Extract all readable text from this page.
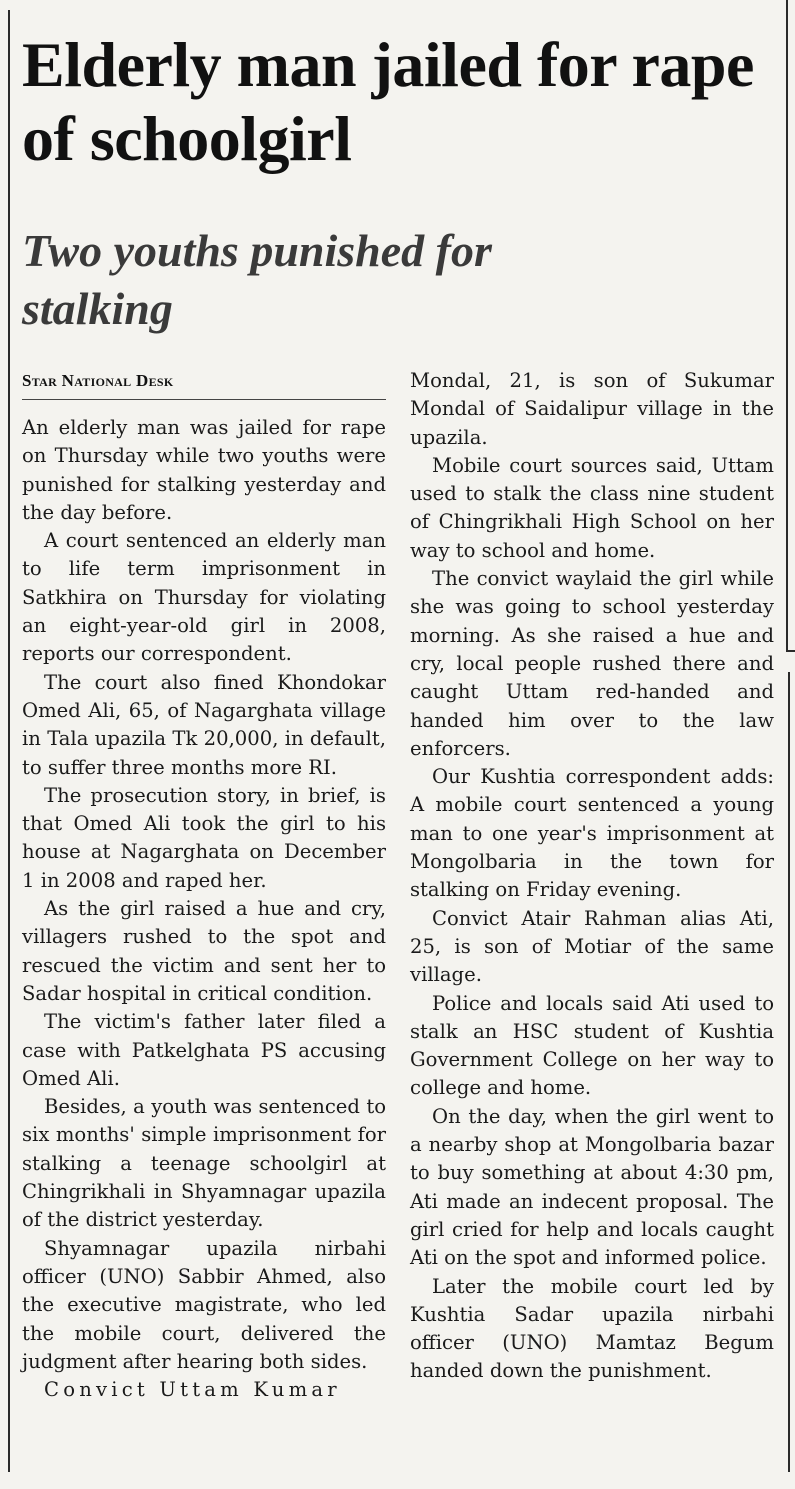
Elderly man jailed for rape of schoolgirl
Two youths punished for stalking
Star National Desk

An elderly man was jailed for rape on Thursday while two youths were punished for stalking yesterday and the day before.

A court sentenced an elderly man to life term imprisonment in Satkhira on Thursday for violating an eight-year-old girl in 2008, reports our correspondent.

The court also fined Khondokar Omed Ali, 65, of Nagarghata village in Tala upazila Tk 20,000, in default, to suffer three months more RI.

The prosecution story, in brief, is that Omed Ali took the girl to his house at Nagarghata on December 1 in 2008 and raped her.

As the girl raised a hue and cry, villagers rushed to the spot and rescued the victim and sent her to Sadar hospital in critical condition.

The victim's father later filed a case with Patkelghata PS accusing Omed Ali.

Besides, a youth was sentenced to six months' simple imprisonment for stalking a teenage schoolgirl at Chingrikhali in Shyamnagar upazila of the district yesterday.

Shyamnagar upazila nirbahi officer (UNO) Sabbir Ahmed, also the executive magistrate, who led the mobile court, delivered the judgment after hearing both sides.

Convict Uttam Kumar

Mondal, 21, is son of Sukumar Mondal of Saidalipur village in the upazila.

Mobile court sources said, Uttam used to stalk the class nine student of Chingrikhali High School on her way to school and home.

The convict waylaid the girl while she was going to school yesterday morning. As she raised a hue and cry, local people rushed there and caught Uttam red-handed and handed him over to the law enforcers.

Our Kushtia correspondent adds: A mobile court sentenced a young man to one year's imprisonment at Mongolbaria in the town for stalking on Friday evening.

Convict Atair Rahman alias Ati, 25, is son of Motiar of the same village.

Police and locals said Ati used to stalk an HSC student of Kushtia Government College on her way to college and home.

On the day, when the girl went to a nearby shop at Mongolbaria bazar to buy something at about 4:30 pm, Ati made an indecent proposal. The girl cried for help and locals caught Ati on the spot and informed police.

Later the mobile court led by Kushtia Sadar upazila nirbahi officer (UNO) Mamtaz Begum handed down the punishment.
